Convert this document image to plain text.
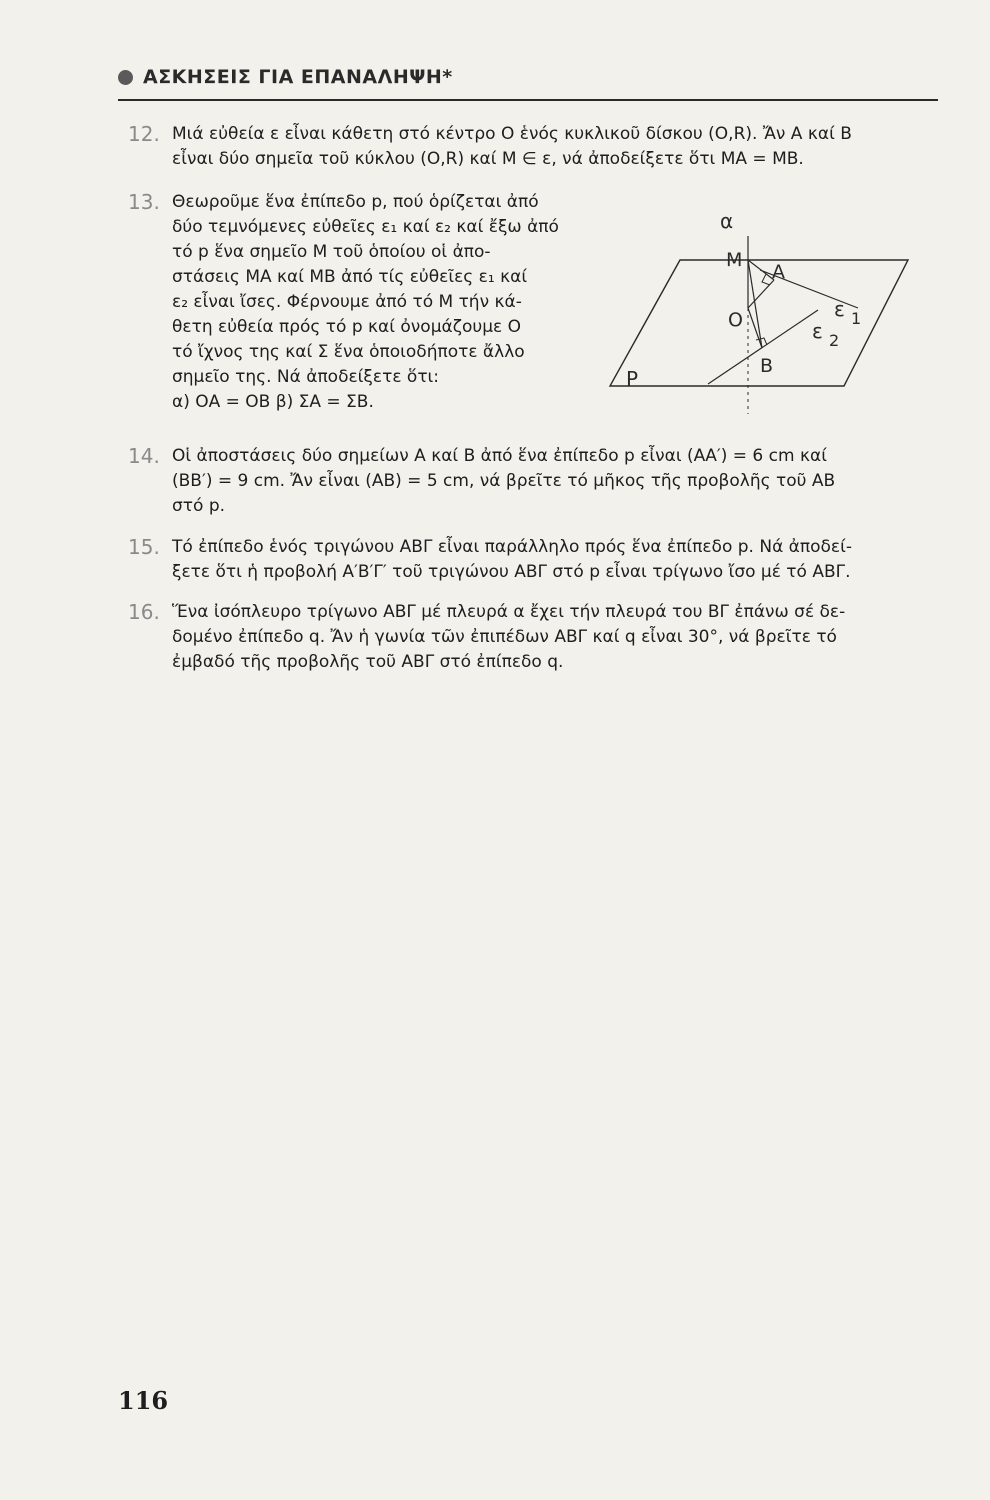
ΑΣΚΗΣΕΙΣ ΓΙΑ ΕΠΑΝΑΛΗΨΗ*
12. Μιά εὐθεία ε εἶναι κάθετη στό κέντρο Ο ἑνός κυκλικοῦ δίσκου (O,R). Ἄν Α καί Β
εἶναι δύο σημεῖα τοῦ κύκλου (O,R) καί Μ ∈ ε, νά ἀποδείξετε ὅτι ΜΑ = ΜΒ.
13. Θεωροῦμε ἕνα ἐπίπεδο p, πού ὁρίζεται ἀπό
δύο τεμνόμενες εὐθεῖες ε₁ καί ε₂ καί ἔξω ἀπό
τό p ἕνα σημεῖο Μ τοῦ ὁποίου οἱ ἀπο-
στάσεις ΜΑ καί ΜΒ ἀπό τίς εὐθεῖες ε₁ καί
ε₂ εἶναι ἴσες. Φέρνουμε ἀπό τό Μ τήν κά-
θετη εὐθεία πρός τό p καί ὀνομάζουμε Ο
τό ἴχνος της καί Σ ἕνα ὁποιοδήποτε ἄλλο
σημεῖο της. Νά ἀποδείξετε ὅτι:
α) ΟΑ = ΟΒ β) ΣΑ = ΣΒ.
α
Μ
Α
Ο
Β
P
ε 1
ε 2
14. Οἱ ἀποστάσεις δύο σημείων Α καί Β ἀπό ἕνα ἐπίπεδο p εἶναι (ΑΑ′) = 6 cm καί
(ΒΒ′) = 9 cm. Ἄν εἶναι (ΑΒ) = 5 cm, νά βρεῖτε τό μῆκος τῆς προβολῆς τοῦ ΑΒ
στό p.
15. Τό ἐπίπεδο ἑνός τριγώνου ΑΒΓ εἶναι παράλληλο πρός ἕνα ἐπίπεδο p. Νά ἀποδεί-
ξετε ὅτι ἡ προβολή Α′Β′Γ′ τοῦ τριγώνου ΑΒΓ στό p εἶναι τρίγωνο ἴσο μέ τό ΑΒΓ.
16. Ἕνα ἰσόπλευρο τρίγωνο ΑΒΓ μέ πλευρά α ἔχει τήν πλευρά του ΒΓ ἐπάνω σέ δε-
δομένο ἐπίπεδο q. Ἄν ἡ γωνία τῶν ἐπιπέδων ΑΒΓ καί q εἶναι 30°, νά βρεῖτε τό
ἐμβαδό τῆς προβολῆς τοῦ ΑΒΓ στό ἐπίπεδο q.
116
